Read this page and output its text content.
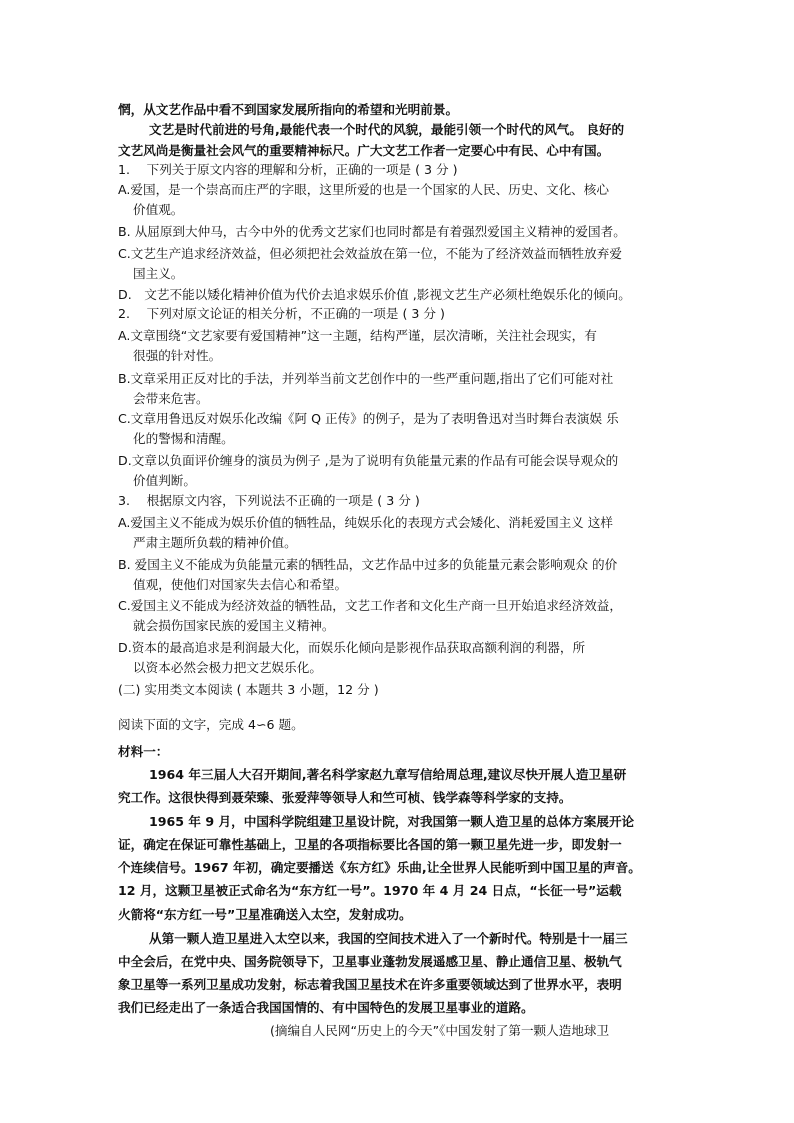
惘，从文艺作品中看不到国家发展所指向的希望和光明前景。
文艺是时代前进的号角,最能代表一个时代的风貌，最能引领一个时代的风气。 良好的
文艺风尚是衡量社会风气的重要精神标尺。广大文艺工作者一定要心中有民、心中有国。
1.　 下列关于原文内容的理解和分析，正确的一项是 ( 3 分 )
A.爱国，是一个崇高而庄严的字眼，这里所爱的也是一个国家的人民、历史、文化、核心
价值观。
B. 从屈原到大仲马，古今中外的优秀文艺家们也同时都是有着强烈爱国主义精神的爱国者。
C.文艺生产追求经济效益，但必须把社会效益放在第一位，不能为了经济效益而牺牲放弃爱
国主义。
D.　文艺不能以矮化精神价值为代价去追求娱乐价值 ,影视文艺生产必须杜绝娱乐化的倾向。
2.　 下列对原文论证的相关分析，不正确的一项是 ( 3 分 )
A.文章围绕“文艺家要有爱国精神”这一主题，结构严谨，层次清晰，关注社会现实，有
很强的针对性。
B.文章采用正反对比的手法，并列举当前文艺创作中的一些严重问题,指出了它们可能对社
会带来危害。
C.文章用鲁迅反对娱乐化改编《阿 Q 正传》的例子，是为了表明鲁迅对当时舞台表演娱 乐
化的警惕和清醒。
D.文章以负面评价缠身的演员为例子 ,是为了说明有负能量元素的作品有可能会误导观众的
价值判断。
3.　 根据原文内容，下列说法不正确的一项是 ( 3 分 )
A.爱国主义不能成为娱乐价值的牺牲品，纯娱乐化的表现方式会矮化、消耗爱国主义 这样
严肃主题所负载的精神价值。
B. 爱国主义不能成为负能量元素的牺牲品，文艺作品中过多的负能量元素会影响观众 的价
值观，使他们对国家失去信心和希望。
C.爱国主义不能成为经济效益的牺牲品，文艺工作者和文化生产商一旦开始追求经济效益，
就会损伤国家民族的爱国主义精神。
D.资本的最高追求是利润最大化，而娱乐化倾向是影视作品获取高额利润的利器，所
以资本必然会极力把文艺娱乐化。
(二) 实用类文本阅读 ( 本题共 3 小题，12 分 )
阅读下面的文字，完成 4∽6 题。
材料一：
1964 年三届人大召开期间,著名科学家赵九章写信给周总理,建议尽快开展人造卫星研
究工作。这很快得到聂荣臻、张爱萍等领导人和竺可桢、钱学森等科学家的支持。
1965 年 9 月，中国科学院组建卫星设计院，对我国第一颗人造卫星的总体方案展开论
证，确定在保证可靠性基础上，卫星的各项指标要比各国的第一颗卫星先进一步，即发射一
个连续信号。1967 年初，确定要播送《东方红》乐曲,让全世界人民能听到中国卫星的声音。
12 月，这颗卫星被正式命名为“东方红一号”。1970 年 4 月 24 日点，“长征一号”运载
火箭将“东方红一号”卫星准确送入太空，发射成功。
从第一颗人造卫星进入太空以来，我国的空间技术进入了一个新时代。特别是十一届三
中全会后，在党中央、国务院领导下，卫星事业蓬勃发展遥感卫星、静止通信卫星、极轨气
象卫星等一系列卫星成功发射，标志着我国卫星技术在许多重要领域达到了世界水平，表明
我们已经走出了一条适合我国国情的、有中国特色的发展卫星事业的道路。
(摘编自人民网“历史上的今天”《中国发射了第一颗人造地球卫
